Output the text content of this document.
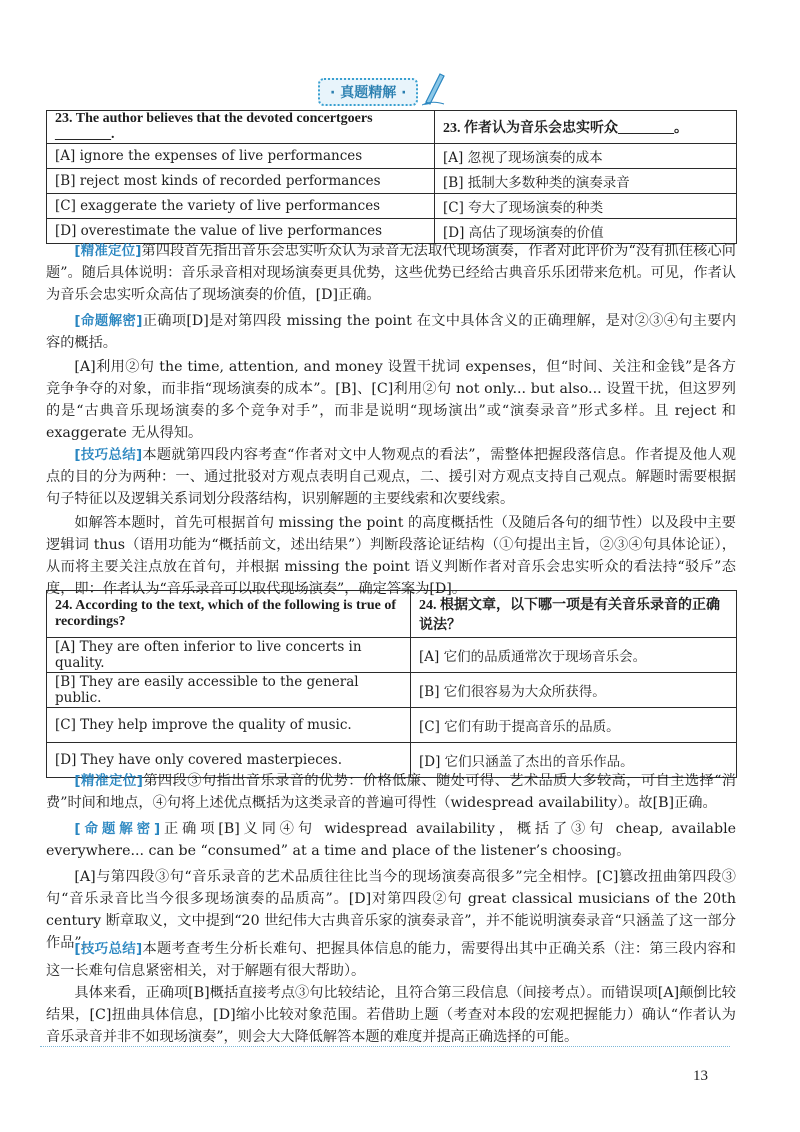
· 真题精解 ·
23. The author believes that the devoted concertgoers ________.	23. 作者认为音乐会忠实听众________。
[A] ignore the expenses of live performances	[A] 忽视了现场演奏的成本
[B] reject most kinds of recorded performances	[B] 抵制大多数种类的演奏录音
[C] exaggerate the variety of live performances	[C] 夸大了现场演奏的种类
[D] overestimate the value of live performances	[D] 高估了现场演奏的价值

[精准定位]第四段首先指出音乐会忠实听众认为录音无法取代现场演奏，作者对此评价为“没有抓住核心问题”。随后具体说明：音乐录音相对现场演奏更具优势，这些优势已经给古典音乐乐团带来危机。可见，作者认为音乐会忠实听众高估了现场演奏的价值，[D]正确。

[命题解密]正确项[D]是对第四段 missing the point 在文中具体含义的正确理解，是对②③④句主要内容的概括。

[A]利用②句 the time, attention, and money 设置干扰词 expenses，但“时间、关注和金钱”是各方竞争争夺的对象，而非指“现场演奏的成本”。[B]、[C]利用②句 not only... but also... 设置干扰，但这罗列的是“古典音乐现场演奏的多个竞争对手”，而非是说明“现场演出”或“演奏录音”形式多样。且 reject 和 exaggerate 无从得知。

[技巧总结]本题就第四段内容考查“作者对文中人物观点的看法”，需整体把握段落信息。作者提及他人观点的目的分为两种：一、通过批驳对方观点表明自己观点，二、援引对方观点支持自己观点。解题时需要根据句子特征以及逻辑关系词划分段落结构，识别解题的主要线索和次要线索。

如解答本题时，首先可根据首句 missing the point 的高度概括性（及随后各句的细节性）以及段中主要逻辑词 thus（语用功能为“概括前文，述出结果”）判断段落论证结构（①句提出主旨，②③④句具体论证），从而将主要关注点放在首句，并根据 missing the point 语义判断作者对音乐会忠实听众的看法持“驳斥”态度，即：作者认为“音乐录音可以取代现场演奏”，确定答案为[D]。

24. According to the text, which of the following is true of recordings?	24. 根据文章，以下哪一项是有关音乐录音的正确说法？
[A] They are often inferior to live concerts in quality.	[A] 它们的品质通常次于现场音乐会。
[B] They are easily accessible to the general public.	[B] 它们很容易为大众所获得。
[C] They help improve the quality of music.	[C] 它们有助于提高音乐的品质。
[D] They have only covered masterpieces.	[D] 它们只涵盖了杰出的音乐作品。

[精准定位]第四段③句指出音乐录音的优势：价格低廉、随处可得、艺术品质大多较高，可自主选择“消费”时间和地点，④句将上述优点概括为这类录音的普遍可得性（widespread availability）。故[B]正确。

[命题解密]正确项[B]义同④句 widespread availability，概括了③句 cheap, available everywhere... can be “consumed” at a time and place of the listener’s choosing。

[A]与第四段③句“音乐录音的艺术品质往往比当今的现场演奏高很多”完全相悖。[C]篡改扭曲第四段③句“音乐录音比当今很多现场演奏的品质高”。[D]对第四段②句 great classical musicians of the 20th century 断章取义，文中提到“20 世纪伟大古典音乐家的演奏录音”，并不能说明演奏录音“只涵盖了这一部分作品”。

[技巧总结]本题考查考生分析长难句、把握具体信息的能力，需要得出其中正确关系（注：第三段内容和这一长难句信息紧密相关，对于解题有很大帮助）。

具体来看，正确项[B]概括直接考点③句比较结论，且符合第三段信息（间接考点）。而错误项[A]颠倒比较结果，[C]扭曲具体信息，[D]缩小比较对象范围。若借助上题（考查对本段的宏观把握能力）确认“作者认为音乐录音并非不如现场演奏”，则会大大降低解答本题的难度并提高正确选择的可能。

13
